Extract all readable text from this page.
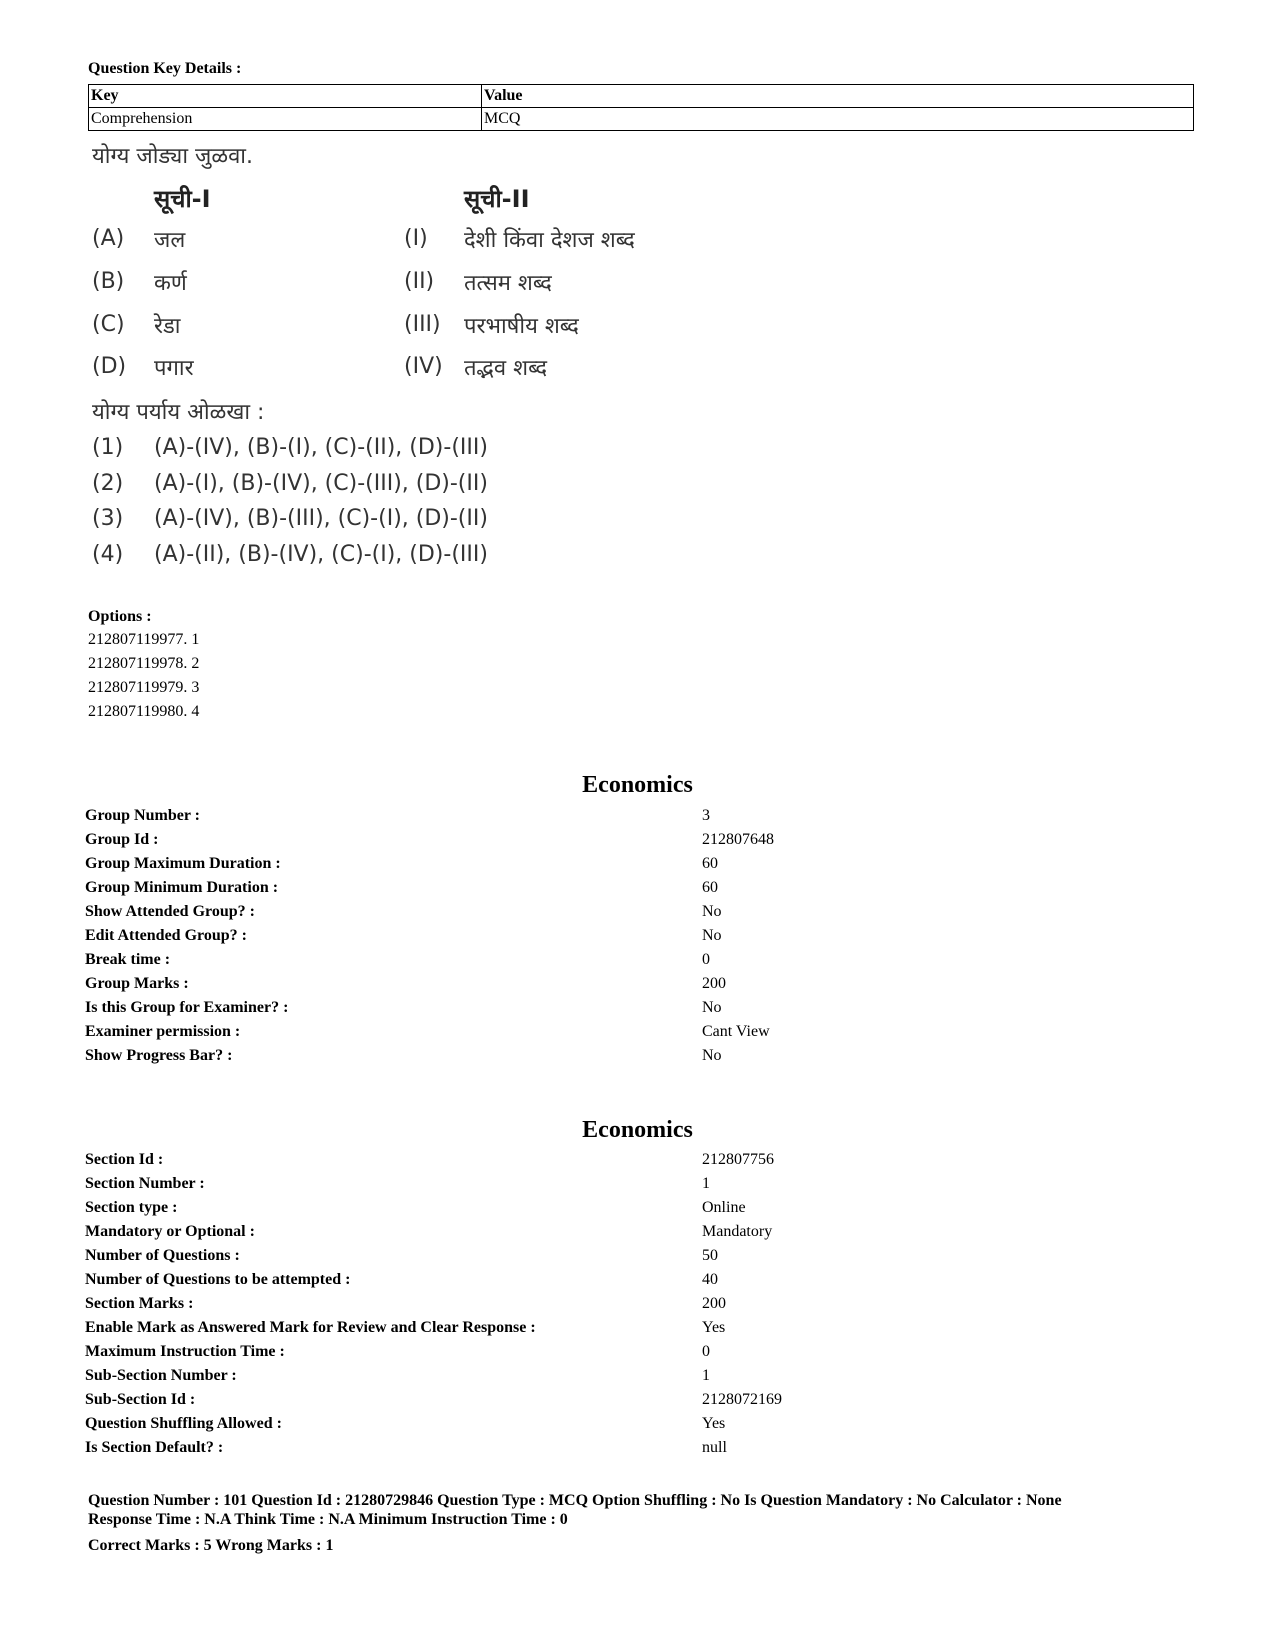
Question Key Details :
Key	Value
Comprehension	MCQ
योग्य जोड्या जुळवा.
सूची-I	सूची-II
(A) जल	(I) देशी किंवा देशज शब्द
(B) कर्ण	(II) तत्सम शब्द
(C) रेडा	(III) परभाषीय शब्द
(D) पगार	(IV) तद्भव शब्द
योग्य पर्याय ओळखा :
(1) (A)-(IV), (B)-(I), (C)-(II), (D)-(III)
(2) (A)-(I), (B)-(IV), (C)-(III), (D)-(II)
(3) (A)-(IV), (B)-(III), (C)-(I), (D)-(II)
(4) (A)-(II), (B)-(IV), (C)-(I), (D)-(III)
Options :
212807119977. 1
212807119978. 2
212807119979. 3
212807119980. 4
Economics
Group Number :	3
Group Id :	212807648
Group Maximum Duration :	60
Group Minimum Duration :	60
Show Attended Group? :	No
Edit Attended Group? :	No
Break time :	0
Group Marks :	200
Is this Group for Examiner? :	No
Examiner permission :	Cant View
Show Progress Bar? :	No
Economics
Section Id :	212807756
Section Number :	1
Section type :	Online
Mandatory or Optional :	Mandatory
Number of Questions :	50
Number of Questions to be attempted :	40
Section Marks :	200
Enable Mark as Answered Mark for Review and Clear Response :	Yes
Maximum Instruction Time :	0
Sub-Section Number :	1
Sub-Section Id :	2128072169
Question Shuffling Allowed :	Yes
Is Section Default? :	null
Question Number : 101 Question Id : 21280729846 Question Type : MCQ Option Shuffling : No Is Question Mandatory : No Calculator : None
Response Time : N.A Think Time : N.A Minimum Instruction Time : 0
Correct Marks : 5 Wrong Marks : 1
